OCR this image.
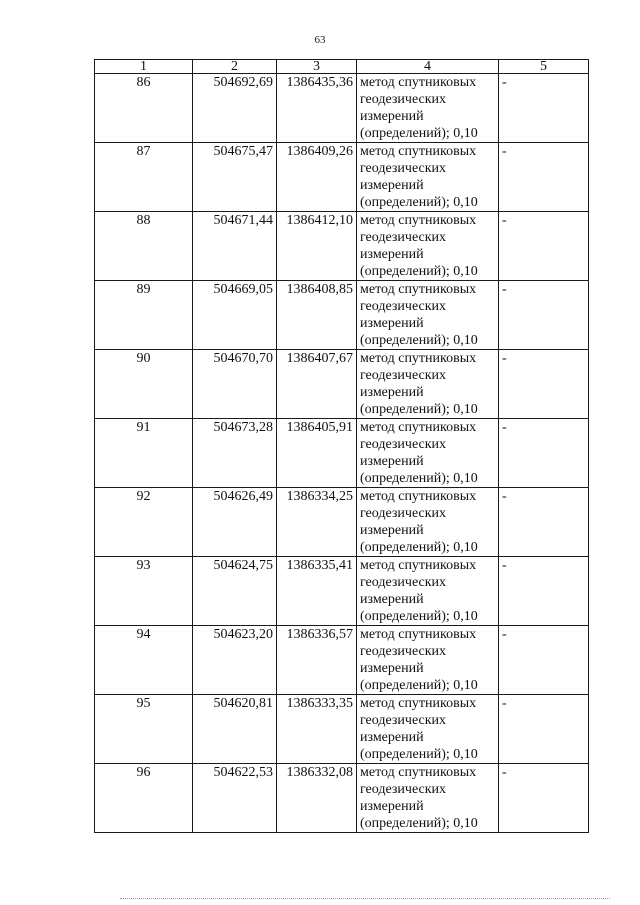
63
1	2	3	4	5
86	504692,69	1386435,36	метод спутниковых геодезических измерений (определений); 0,10	-
87	504675,47	1386409,26	метод спутниковых геодезических измерений (определений); 0,10	-
88	504671,44	1386412,10	метод спутниковых геодезических измерений (определений); 0,10	-
89	504669,05	1386408,85	метод спутниковых геодезических измерений (определений); 0,10	-
90	504670,70	1386407,67	метод спутниковых геодезических измерений (определений); 0,10	-
91	504673,28	1386405,91	метод спутниковых геодезических измерений (определений); 0,10	-
92	504626,49	1386334,25	метод спутниковых геодезических измерений (определений); 0,10	-
93	504624,75	1386335,41	метод спутниковых геодезических измерений (определений); 0,10	-
94	504623,20	1386336,57	метод спутниковых геодезических измерений (определений); 0,10	-
95	504620,81	1386333,35	метод спутниковых геодезических измерений (определений); 0,10	-
96	504622,53	1386332,08	метод спутниковых геодезических измерений (определений); 0,10	-
